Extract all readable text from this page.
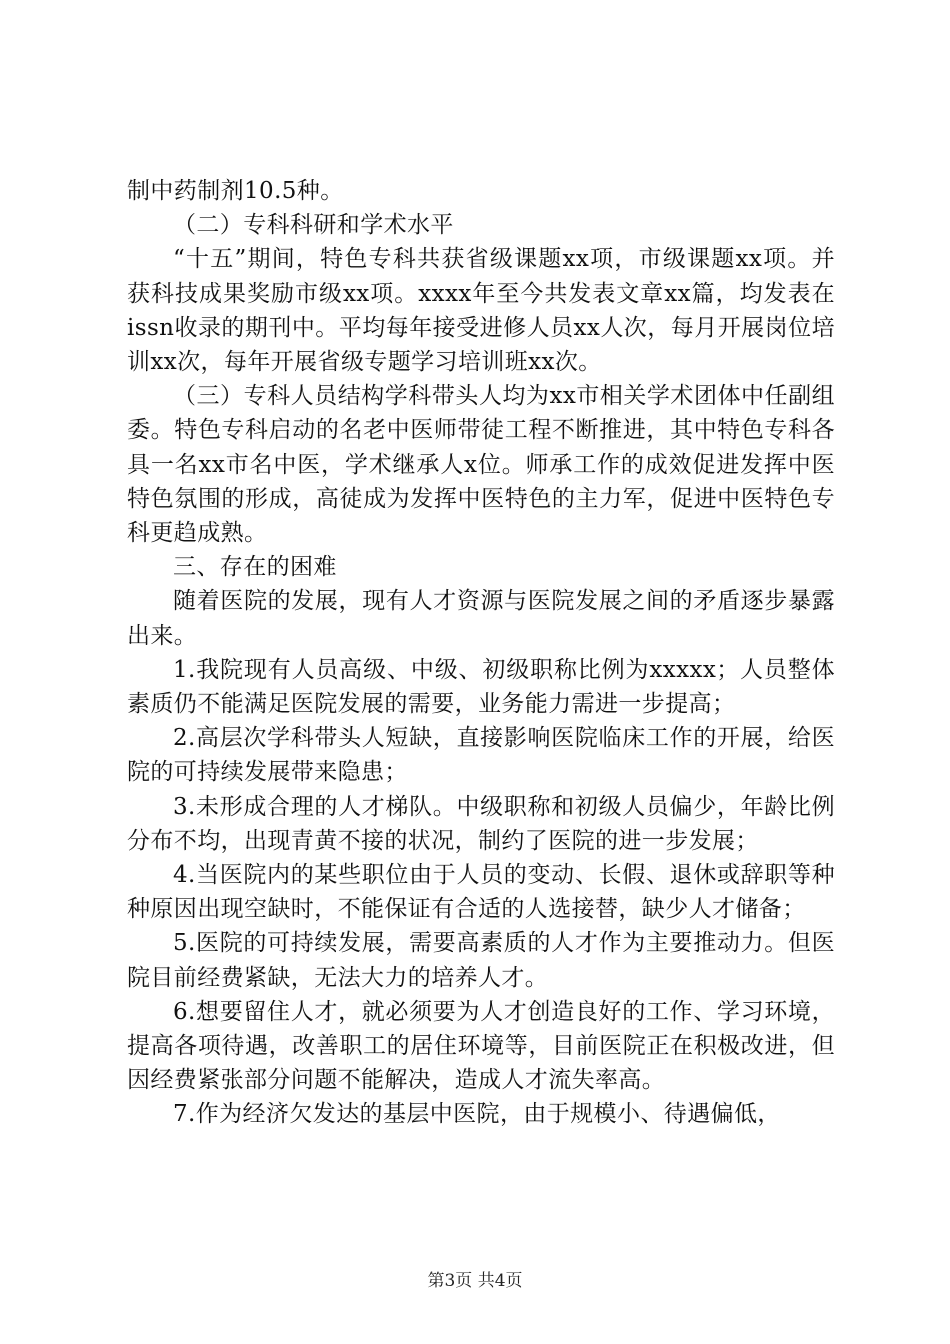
制中药制剂10.5种。

（二）专科科研和学术水平

“十五”期间，特色专科共获省级课题xx项，市级课题xx项。并获科技成果奖励市级xx项。xxxx年至今共发表文章xx篇，均发表在issn收录的期刊中。平均每年接受进修人员xx人次，每月开展岗位培训xx次，每年开展省级专题学习培训班xx次。

（三）专科人员结构学科带头人均为xx市相关学术团体中任副组委。特色专科启动的名老中医师带徒工程不断推进，其中特色专科各具一名xx市名中医，学术继承人x位。师承工作的成效促进发挥中医特色氛围的形成，高徒成为发挥中医特色的主力军，促进中医特色专科更趋成熟。

三、存在的困难

随着医院的发展，现有人才资源与医院发展之间的矛盾逐步暴露出来。

1.我院现有人员高级、中级、初级职称比例为xxxxx；人员整体素质仍不能满足医院发展的需要，业务能力需进一步提高；

2.高层次学科带头人短缺，直接影响医院临床工作的开展，给医院的可持续发展带来隐患；

3.未形成合理的人才梯队。中级职称和初级人员偏少，年龄比例分布不均，出现青黄不接的状况，制约了医院的进一步发展；

4.当医院内的某些职位由于人员的变动、长假、退休或辞职等种种原因出现空缺时，不能保证有合适的人选接替，缺少人才储备；

5.医院的可持续发展，需要高素质的人才作为主要推动力。但医院目前经费紧缺，无法大力的培养人才。

6.想要留住人才，就必须要为人才创造良好的工作、学习环境，提高各项待遇，改善职工的居住环境等，目前医院正在积极改进，但因经费紧张部分问题不能解决，造成人才流失率高。

7.作为经济欠发达的基层中医院，由于规模小、待遇偏低，

第3页 共4页
